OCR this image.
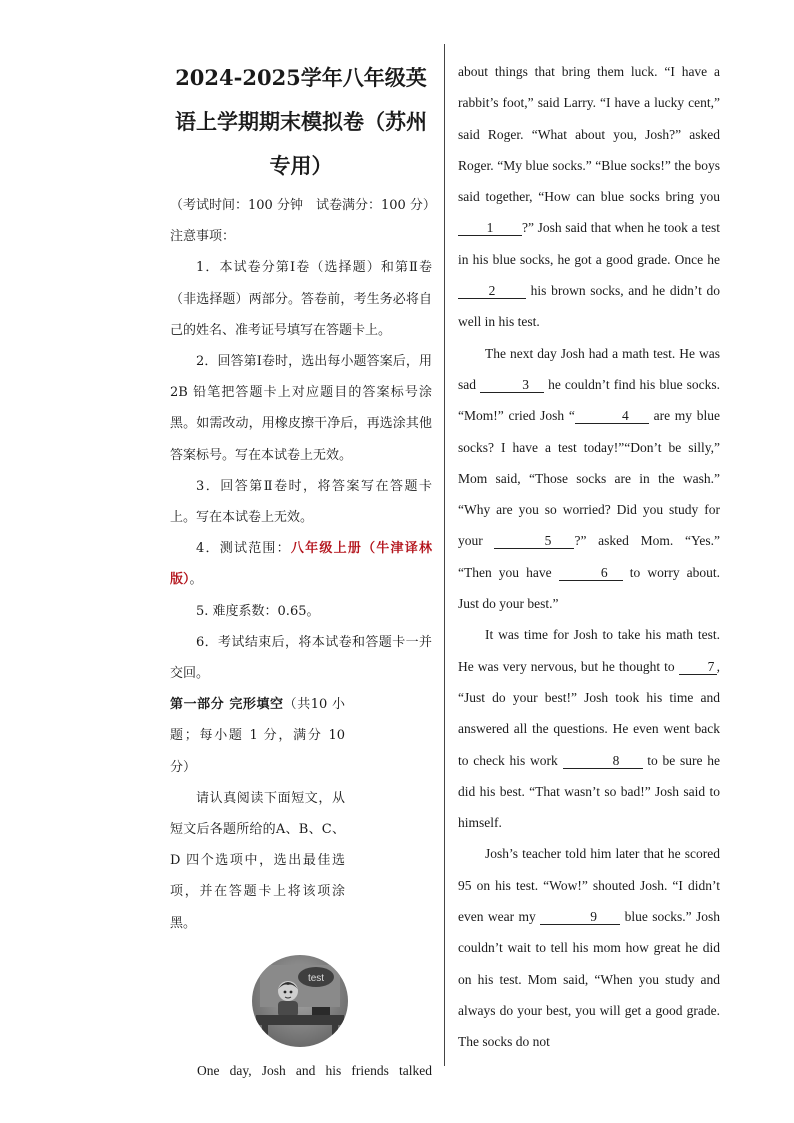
2024-2025学年八年级英语上学期期末模拟卷（苏州专用）

（考试时间：100 分钟　试卷满分：100 分）

注意事项：

1．本试卷分第Ⅰ卷（选择题）和第Ⅱ卷（非选择题）两部分。答卷前，考生务必将自己的姓名、准考证号填写在答题卡上。

2．回答第Ⅰ卷时，选出每小题答案后，用2B 铅笔把答题卡上对应题目的答案标号涂黑。如需改动，用橡皮擦干净后，再选涂其他答案标号。写在本试卷上无效。

3．回答第Ⅱ卷时，将答案写在答题卡上。写在本试卷上无效。

4．测试范围：八年级上册（牛津译林版）。

5. 难度系数：0.65。

6．考试结束后，将本试卷和答题卡一并交回。

第一部分 完形填空（共10 小题；每小题 1 分，满分 10 分）

请认真阅读下面短文，从短文后各题所给的A、B、C、D 四个选项中，选出最佳选项，并在答题卡上将该项涂黑。

test

One day, Josh and his friends talked

about things that bring them luck. “I have a rabbit’s foot,” said Larry. “I have a lucky cent,” said Roger. “What about you, Josh?” asked Roger. “My blue socks.” “Blue socks!” the boys said together, “How can blue socks bring you 1 ?” Josh said that when he took a test in his blue socks, he got a good grade. Once he 2 his brown socks, and he didn’t do well in his test.

The next day Josh had a math test. He was sad	3 he couldn’t find his blue socks. “Mom!” cried Josh “	4 are my blue socks? I have a test today!”“Don’t be silly,” Mom said, “Those socks are in the wash.” “Why are you so worried? Did you study for your	5 ?” asked Mom. “Yes.” “Then you have	6 to worry about. Just do your best.”

It was time for Josh to take his math test. He was very nervous, but he thought to 7 , “Just do your best!” Josh took his time and answered all the questions. He even went back to check his work	8 to be sure he did his best. “That wasn’t so bad!” Josh said to himself.

Josh’s teacher told him later that he scored 95 on his test. “Wow!” shouted Josh. “I didn’t even wear my	9 blue socks.” Josh couldn’t wait to tell his mom how great he did on his test. Mom said, “When you study and always do your best, you will get a good grade. The socks do not
